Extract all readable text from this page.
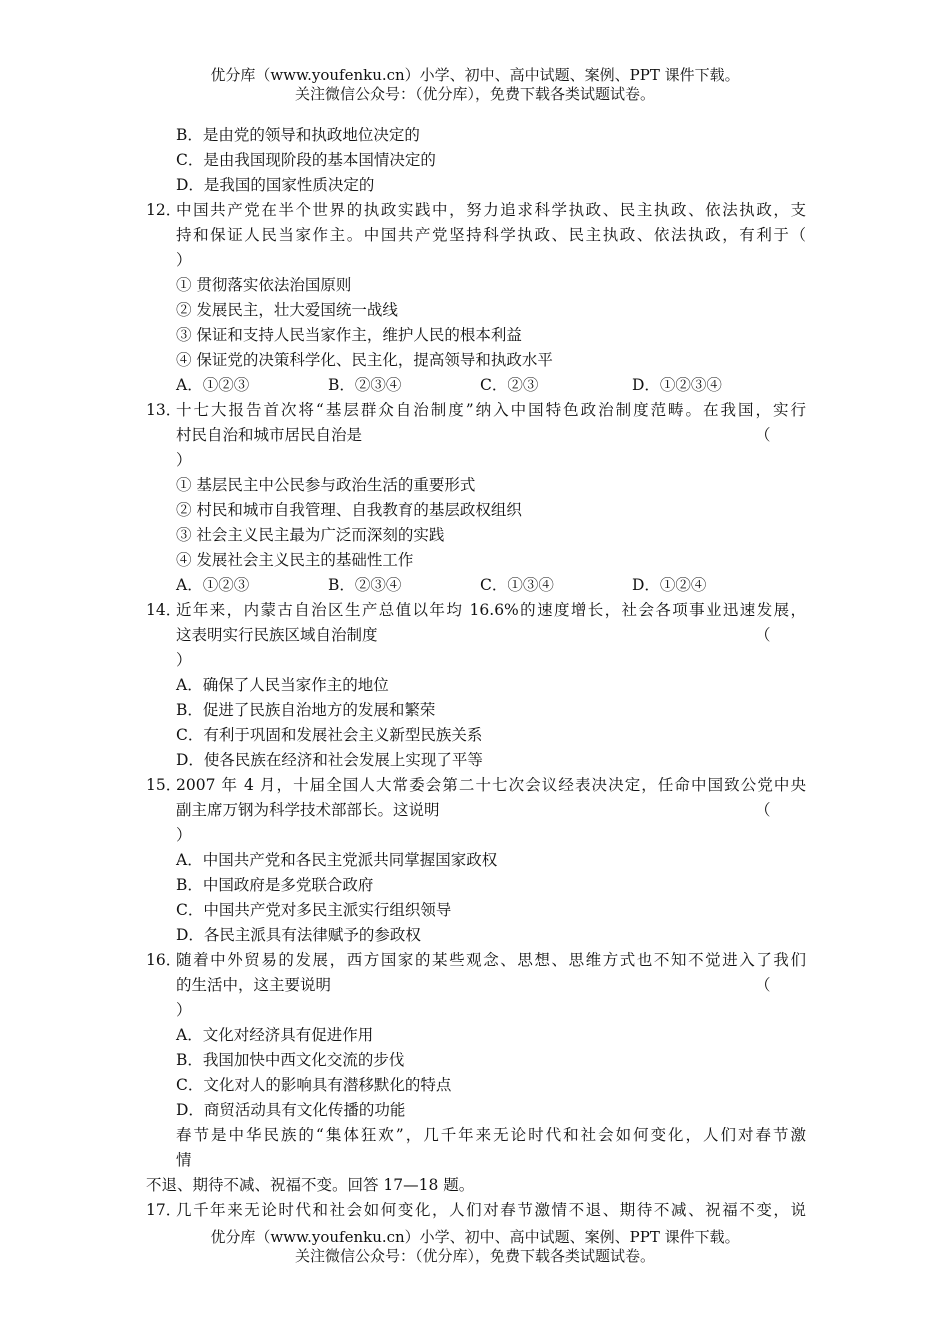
优分库（www.youfenku.cn）小学、初中、高中试题、案例、PPT 课件下载。
关注微信公众号：（优分库），免费下载各类试题试卷。
B．是由党的领导和执政地位决定的
C．是由我国现阶段的基本国情决定的
D．是我国的国家性质决定的
12．
中国共产党在半个世界的执政实践中，努力追求科学执政、民主执政、依法执政，支
持和保证人民当家作主。中国共产党坚持科学执政、民主执政、依法执政，有利于（
）
① 贯彻落实依法治国原则
② 发展民主，壮大爱国统一战线
③ 保证和支持人民当家作主，维护人民的根本利益
④ 保证党的决策科学化、民主化，提高领导和执政水平
A．①②③	B．②③④	C．②③	D．①②③④
13．
十七大报告首次将“基层群众自治制度”纳入中国特色政治制度范畴。在我国，实行
村民自治和城市居民自治是	（
）
① 基层民主中公民参与政治生活的重要形式
② 村民和城市自我管理、自我教育的基层政权组织
③ 社会主义民主最为广泛而深刻的实践
④ 发展社会主义民主的基础性工作
A．①②③	B．②③④	C．①③④	D．①②④
14．
近年来，内蒙古自治区生产总值以年均 16.6%的速度增长，社会各项事业迅速发展，
这表明实行民族区域自治制度	（
）
A．确保了人民当家作主的地位
B．促进了民族自治地方的发展和繁荣
C．有利于巩固和发展社会主义新型民族关系
D．使各民族在经济和社会发展上实现了平等
15．
2007 年 4 月，十届全国人大常委会第二十七次会议经表决决定，任命中国致公党中央
副主席万钢为科学技术部部长。这说明	（
）
A．中国共产党和各民主党派共同掌握国家政权
B．中国政府是多党联合政府
C．中国共产党对多民主派实行组织领导
D．各民主派具有法律赋予的参政权
16．
随着中外贸易的发展，西方国家的某些观念、思想、思维方式也不知不觉进入了我们
的生活中，这主要说明	（
）
A．文化对经济具有促进作用
B．我国加快中西文化交流的步伐
C．文化对人的影响具有潜移默化的特点
D．商贸活动具有文化传播的功能
春节是中华民族的“集体狂欢”，几千年来无论时代和社会如何变化，人们对春节激
情
不退、期待不减、祝福不变。回答 17—18 题。
17．
几千年来无论时代和社会如何变化，人们对春节激情不退、期待不减、祝福不变，说
优分库（www.youfenku.cn）小学、初中、高中试题、案例、PPT 课件下载。
关注微信公众号：（优分库），免费下载各类试题试卷。
